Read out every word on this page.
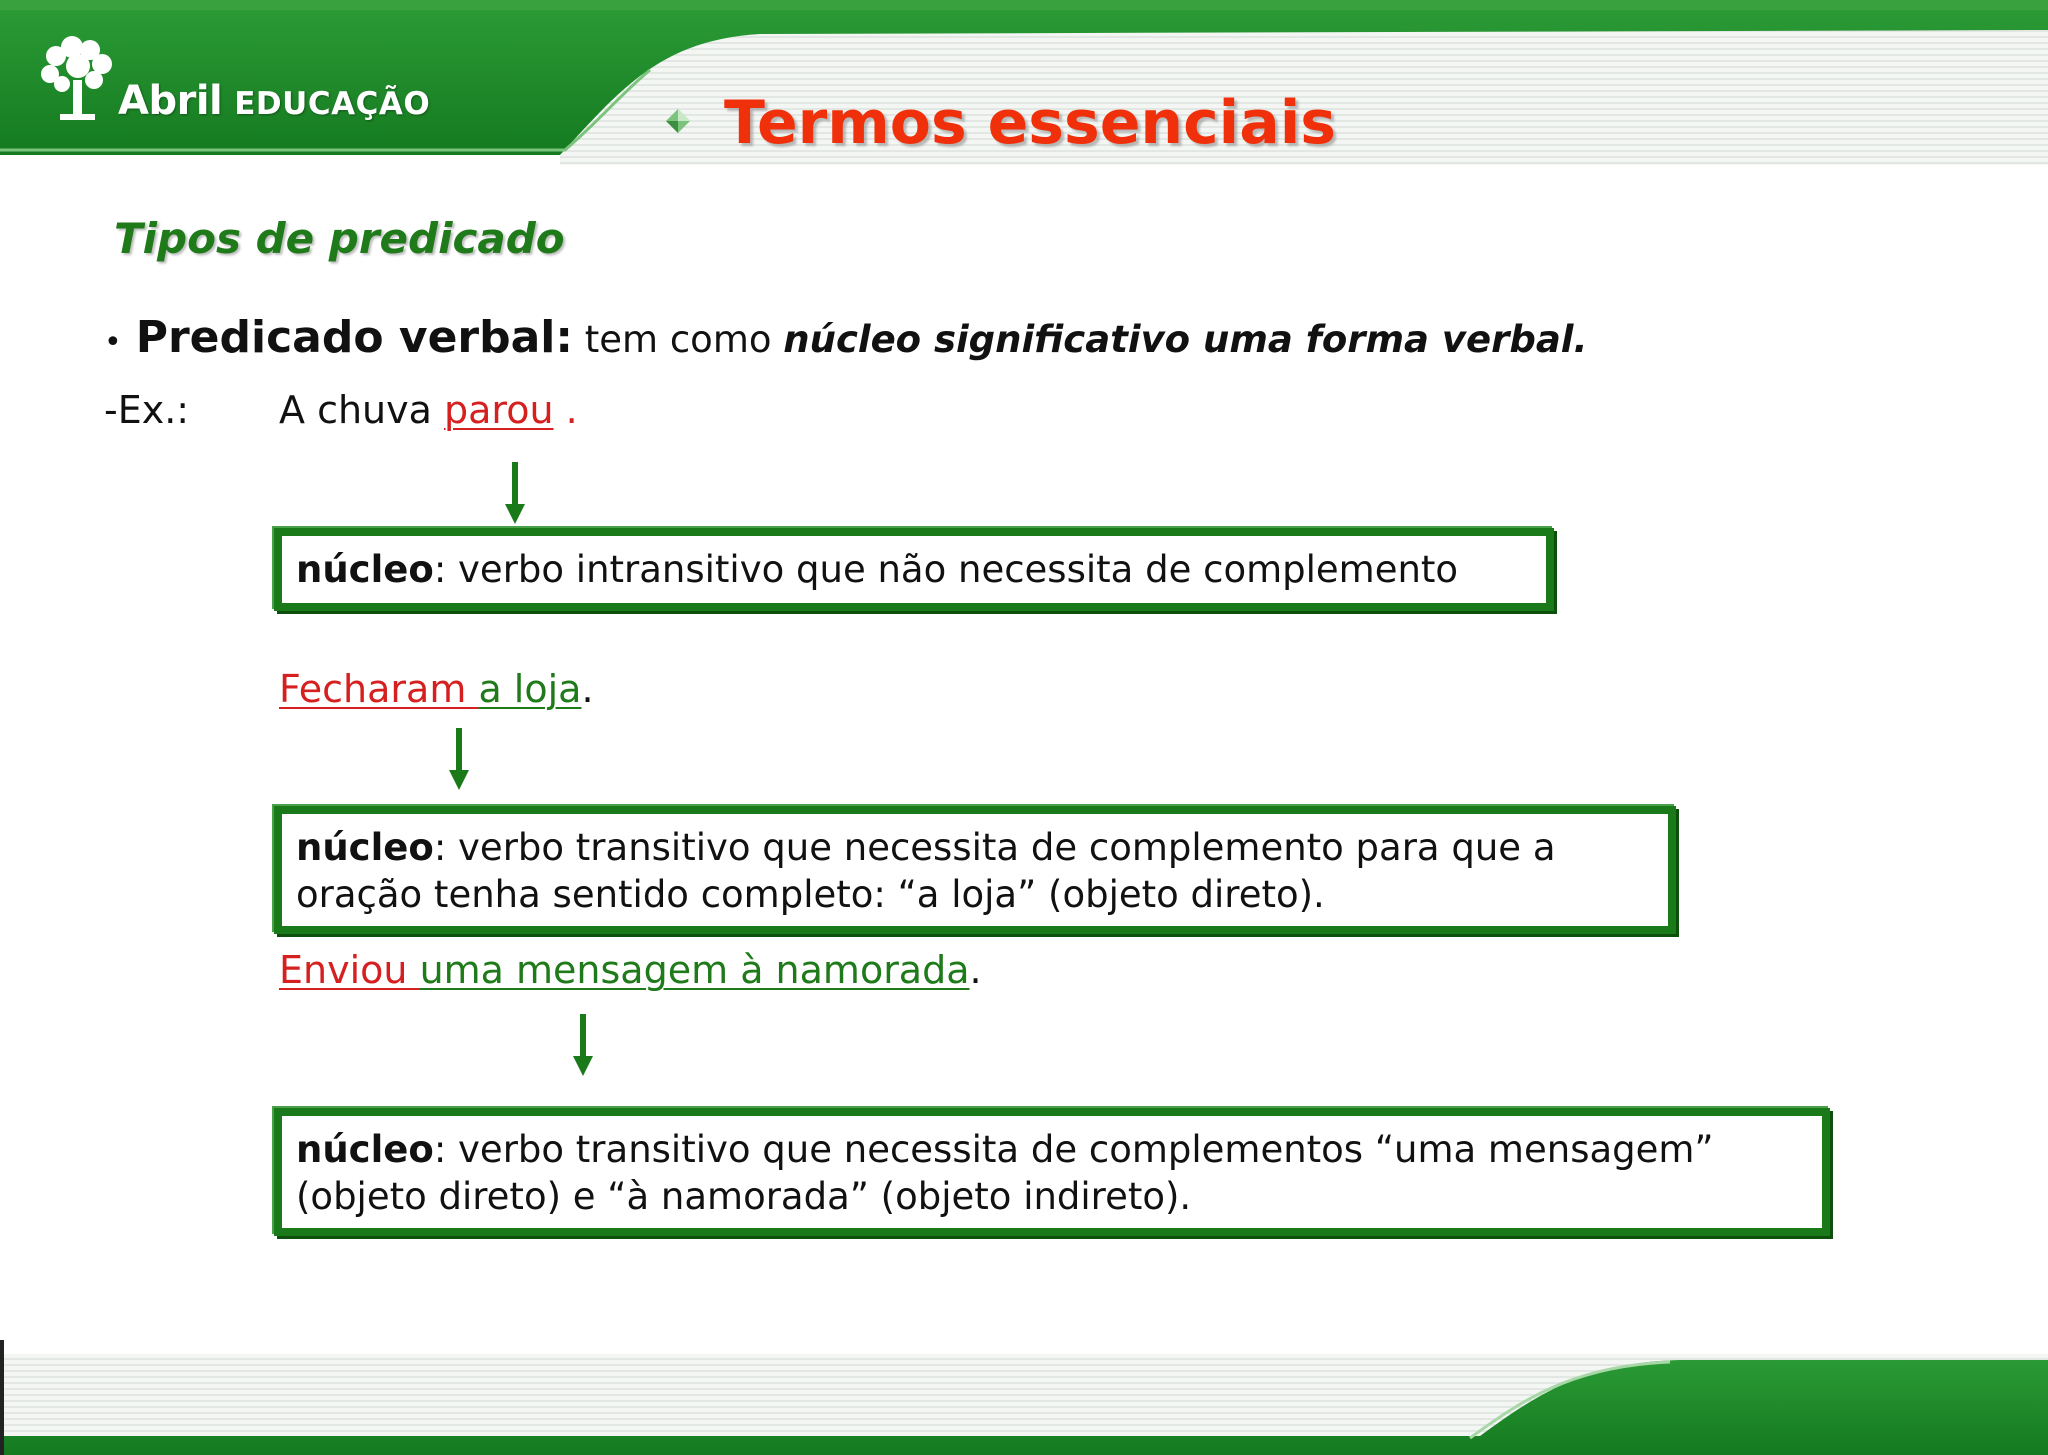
Abril EDUCAÇÃO	Termos essenciais
Tipos de predicado
• Predicado verbal: tem como núcleo significativo uma forma verbal.
-Ex.: A chuva parou .
núcleo: verbo intransitivo que não necessita de complemento
Fecharam a loja.
núcleo: verbo transitivo que necessita de complemento para que a oração tenha sentido completo: “a loja” (objeto direto).
Enviou uma mensagem à namorada.
núcleo: verbo transitivo que necessita de complementos “uma mensagem” (objeto direto) e “à namorada” (objeto indireto).
